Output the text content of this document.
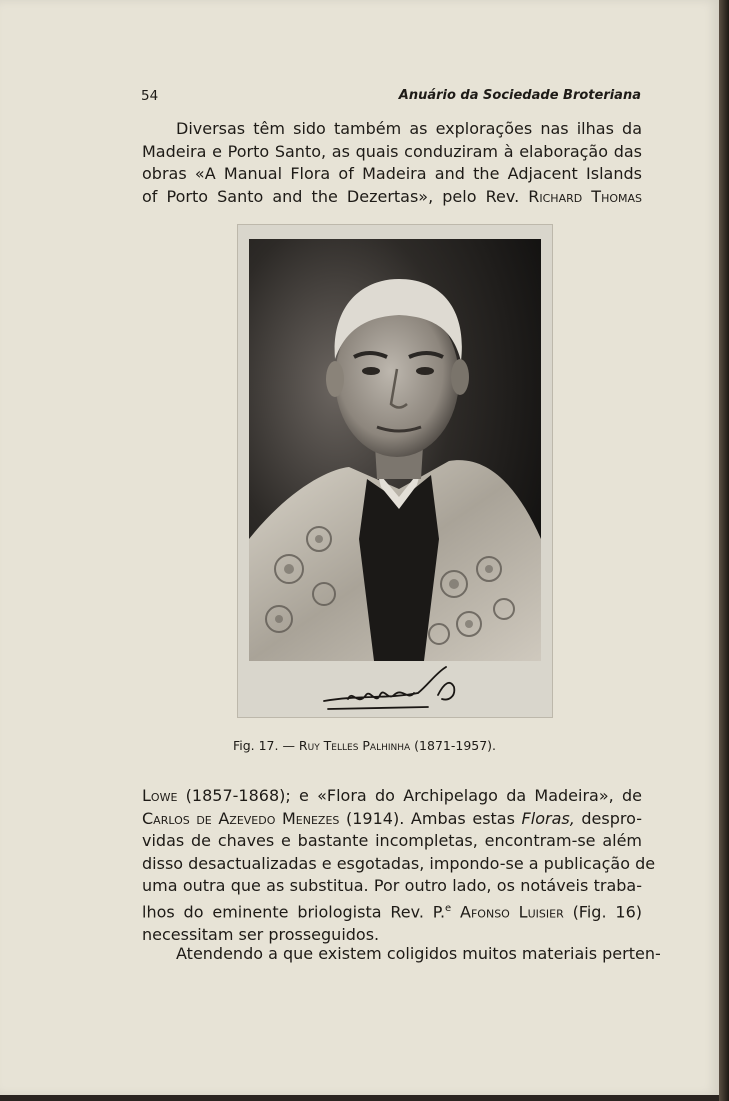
54	Anuário da Sociedade Broteriana
Diversas têm sido também as explorações nas ilhas da
Madeira e Porto Santo, as quais conduziram à elaboração das
obras «A Manual Flora of Madeira and the Adjacent Islands
of Porto Santo and the Dezertas», pelo Rev. Richard Thomas
Fig. 17. — Ruy Telles Palhinha (1871-1957).
Lowe (1857-1868); e «Flora do Archipelago da Madeira», de
Carlos de Azevedo Menezes (1914). Ambas estas Floras, despro-
vidas de chaves e bastante incompletas, encontram-se além
disso desactualizadas e esgotadas, impondo-se a publicação de
uma outra que as substitua. Por outro lado, os notáveis traba-
lhos do eminente briologista Rev. P.$^e$ Afonso Luisier (Fig. 16)
necessitam ser prosseguidos.
Atendendo a que existem coligidos muitos materiais perten-
